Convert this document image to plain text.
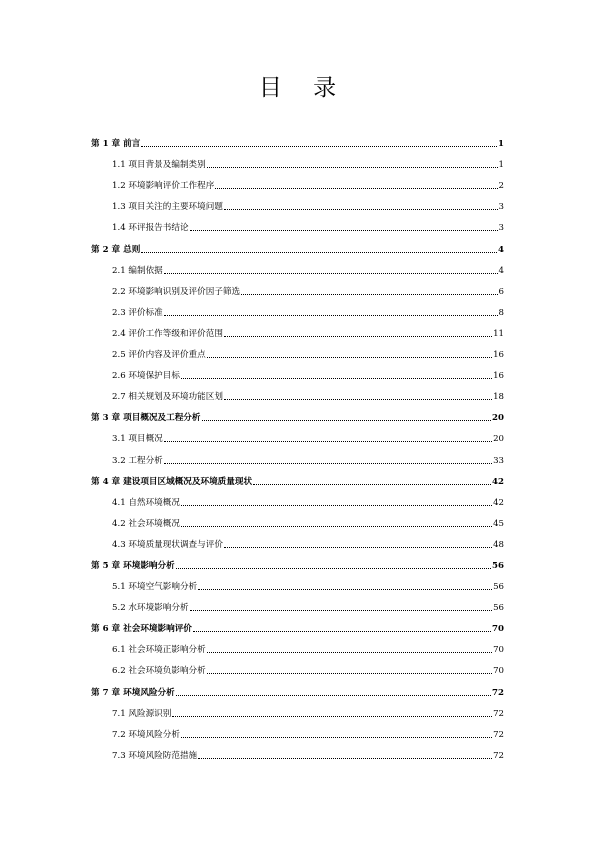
目 录
第 1 章 前言	1
1.1 项目背景及编制类别	1
1.2 环境影响评价工作程序	2
1.3 项目关注的主要环境问题	3
1.4 环评报告书结论	3
第 2 章 总则	4
2.1 编制依据	4
2.2 环境影响识别及评价因子筛选	6
2.3 评价标准	8
2.4 评价工作等级和评价范围	11
2.5 评价内容及评价重点	16
2.6 环境保护目标	16
2.7 相关规划及环境功能区划	18
第 3 章 项目概况及工程分析	20
3.1 项目概况	20
3.2 工程分析	33
第 4 章 建设项目区域概况及环境质量现状	42
4.1 自然环境概况	42
4.2 社会环境概况	45
4.3 环境质量现状调查与评价	48
第 5 章 环境影响分析	56
5.1 环境空气影响分析	56
5.2 水环境影响分析	56
第 6 章 社会环境影响评价	70
6.1 社会环境正影响分析	70
6.2 社会环境负影响分析	70
第 7 章 环境风险分析	72
7.1 风险源识别	72
7.2 环境风险分析	72
7.3 环境风险防范措施	72
